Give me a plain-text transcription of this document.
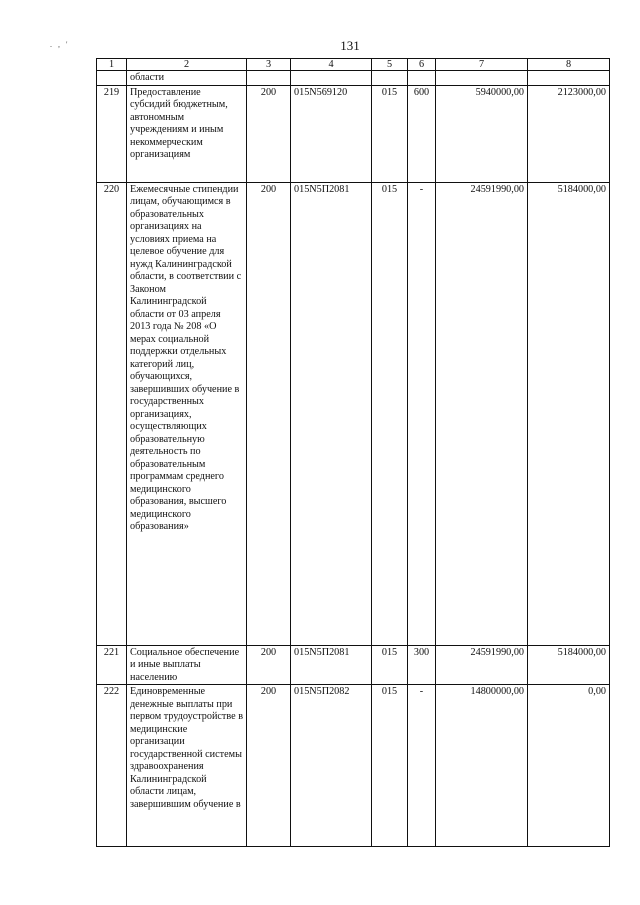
. , '	131
1	2	3	4	5	6	7	8
	области						
219	Предоставление субсидий бюджетным, автономным учреждениям и иным некоммерческим организациям	200	015N569120	015	600	5940000,00	2123000,00
220	Ежемесячные стипендии лицам, обучающимся в образовательных организациях на условиях приема на целевое обучение для нужд Калининградской области, в соответствии с Законом Калининградской области от 03 апреля 2013 года № 208 «О мерах социальной поддержки отдельных категорий лиц, обучающихся, завершивших обучение в государственных организациях, осуществляющих образовательную деятельность по образовательным программам среднего медицинского образования, высшего медицинского образования»	200	015N5П2081	015	-	24591990,00	5184000,00
221	Социальное обеспечение и иные выплаты населению	200	015N5П2081	015	300	24591990,00	5184000,00
222	Единовременные денежные выплаты при первом трудоустройстве в медицинские организации государственной системы здравоохранения Калининградской области лицам, завершившим обучение в	200	015N5П2082	015	-	14800000,00	0,00
